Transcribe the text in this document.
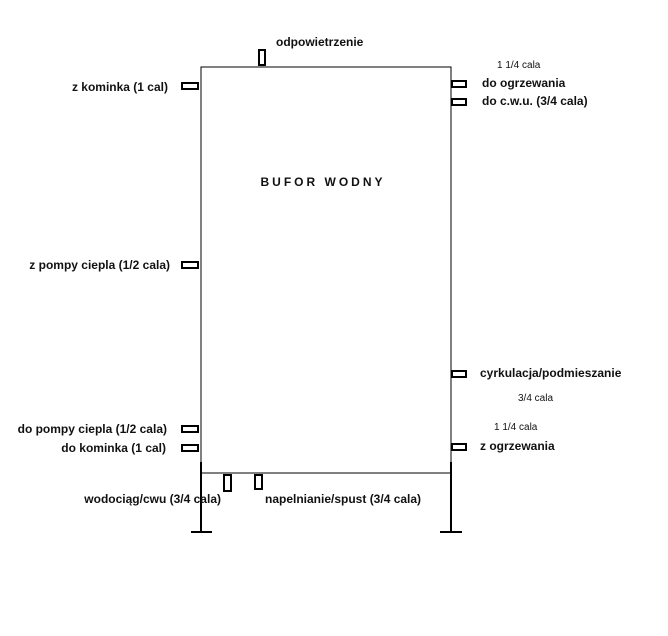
BUFOR WODNY
odpowietrzenie
z kominka (1 cal)
z pompy ciepla (1/2 cala)
do pompy ciepla (1/2 cala)
do kominka (1 cal)
1 1/4 cala
do ogrzewania
do c.w.u. (3/4 cala)
cyrkulacja/podmieszanie
3/4 cala
1 1/4 cala
z ogrzewania
wodociąg/cwu (3/4 cala)	napelnianie/spust (3/4 cala)
